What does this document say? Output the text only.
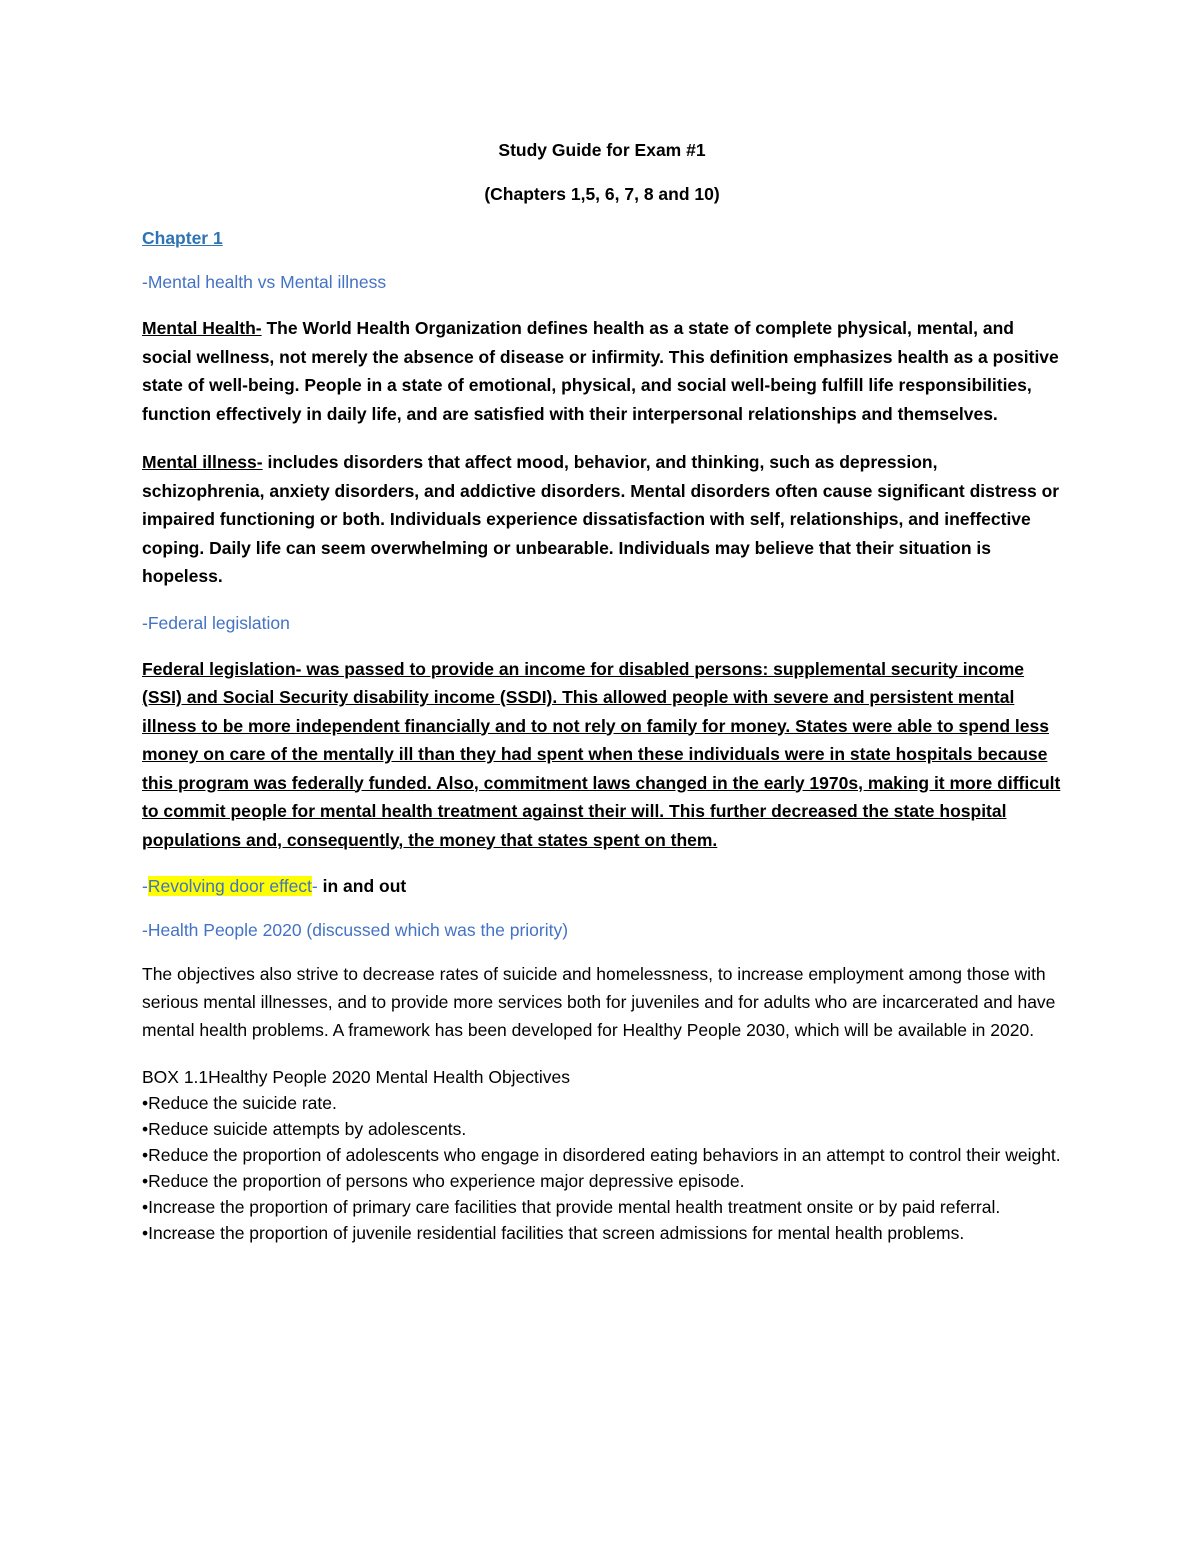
Study Guide for Exam #1

(Chapters 1,5, 6, 7, 8 and 10)

Chapter 1

-Mental health vs Mental illness

Mental Health- The World Health Organization defines health as a state of complete physical, mental, and social wellness, not merely the absence of disease or infirmity. This definition emphasizes health as a positive state of well-being. People in a state of emotional, physical, and social well-being fulfill life responsibilities, function effectively in daily life, and are satisfied with their interpersonal relationships and themselves.

Mental illness- includes disorders that affect mood, behavior, and thinking, such as depression, schizophrenia, anxiety disorders, and addictive disorders. Mental disorders often cause significant distress or impaired functioning or both. Individuals experience dissatisfaction with self, relationships, and ineffective coping. Daily life can seem overwhelming or unbearable. Individuals may believe that their situation is hopeless.

-Federal legislation

Federal legislation- was passed to provide an income for disabled persons: supplemental security income (SSI) and Social Security disability income (SSDI). This allowed people with severe and persistent mental illness to be more independent financially and to not rely on family for money. States were able to spend less money on care of the mentally ill than they had spent when these individuals were in state hospitals because this program was federally funded. Also, commitment laws changed in the early 1970s, making it more difficult to commit people for mental health treatment against their will. This further decreased the state hospital populations and, consequently, the money that states spent on them.

-Revolving door effect- in and out

-Health People 2020 (discussed which was the priority)

The objectives also strive to decrease rates of suicide and homelessness, to increase employment among those with serious mental illnesses, and to provide more services both for juveniles and for adults who are incarcerated and have mental health problems. A framework has been developed for Healthy People 2030, which will be available in 2020.

BOX 1.1Healthy People 2020 Mental Health Objectives
•Reduce the suicide rate.
•Reduce suicide attempts by adolescents.
•Reduce the proportion of adolescents who engage in disordered eating behaviors in an attempt to control their weight.
•Reduce the proportion of persons who experience major depressive episode.
•Increase the proportion of primary care facilities that provide mental health treatment onsite or by paid referral.
•Increase the proportion of juvenile residential facilities that screen admissions for mental health problems.
